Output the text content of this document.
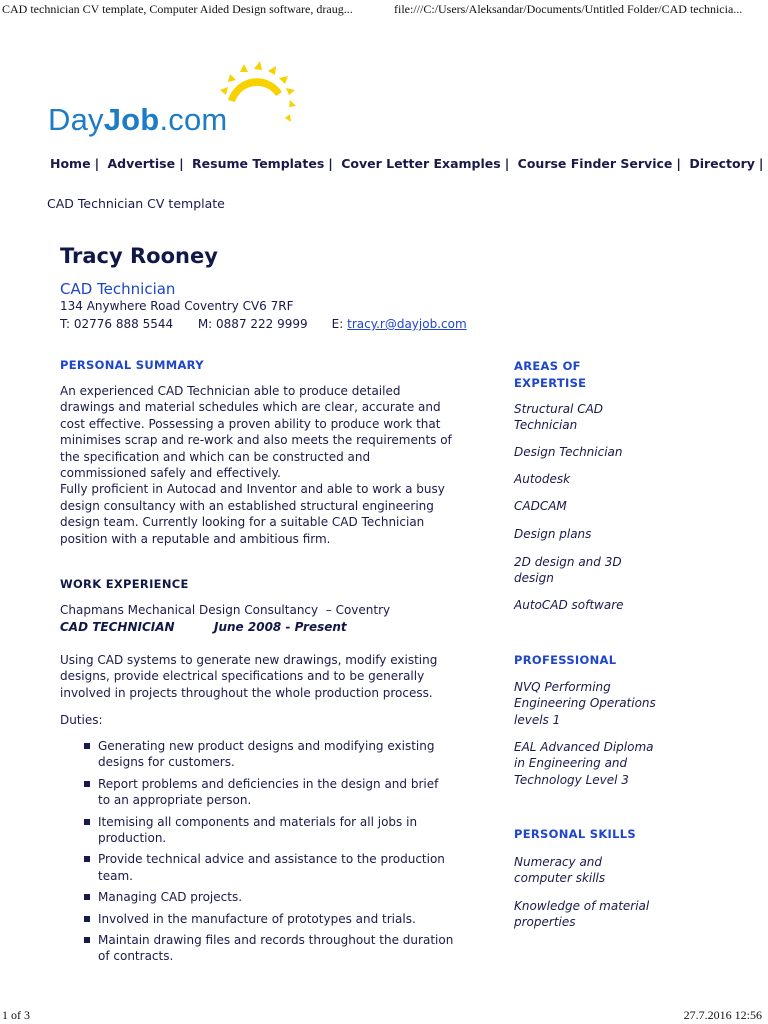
CAD technician CV template, Computer Aided Design software, draug...	file:///C:/Users/Aleksandar/Documents/Untitled Folder/CAD technicia...
DayJob.com
Home | Advertise | Resume Templates | Cover Letter Examples | Course Finder Service | Directory |
CAD Technician CV template
Tracy Rooney
CAD Technician
134 Anywhere Road Coventry CV6 7RF
T: 02776 888 5544 M: 0887 222 9999 E: tracy.r@dayjob.com
PERSONAL SUMMARY

An experienced CAD Technician able to produce detailed drawings and material schedules which are clear, accurate and cost effective. Possessing a proven ability to produce work that minimises scrap and re-work and also meets the requirements of the specification and which can be constructed and commissioned safely and effectively.

Fully proficient in Autocad and Inventor and able to work a busy design consultancy with an established structural engineering design team. Currently looking for a suitable CAD Technician position with a reputable and ambitious firm.

WORK EXPERIENCE
Chapmans Mechanical Design Consultancy  – Coventry
CAD TECHNICIAN	June 2008 - Present
Using CAD systems to generate new drawings, modify existing designs, provide electrical specifications and to be generally involved in projects throughout the whole production process.
Duties:
Generating new product designs and modifying existing designs for customers.
Report problems and deficiencies in the design and brief to an appropriate person.
Itemising all components and materials for all jobs in production.
Provide technical advice and assistance to the production team.
Managing CAD projects.
Involved in the manufacture of prototypes and trials.
Maintain drawing files and records throughout the duration of contracts.
AREAS OF
EXPERTISE
Structural CAD Technician
Design Technician
Autodesk
CADCAM
Design plans
2D design and 3D design
AutoCAD software
PROFESSIONAL
NVQ Performing Engineering Operations levels 1
EAL Advanced Diploma in Engineering and Technology Level 3
PERSONAL SKILLS
Numeracy and computer skills
Knowledge of material properties
1 of 3	27.7.2016 12:56
